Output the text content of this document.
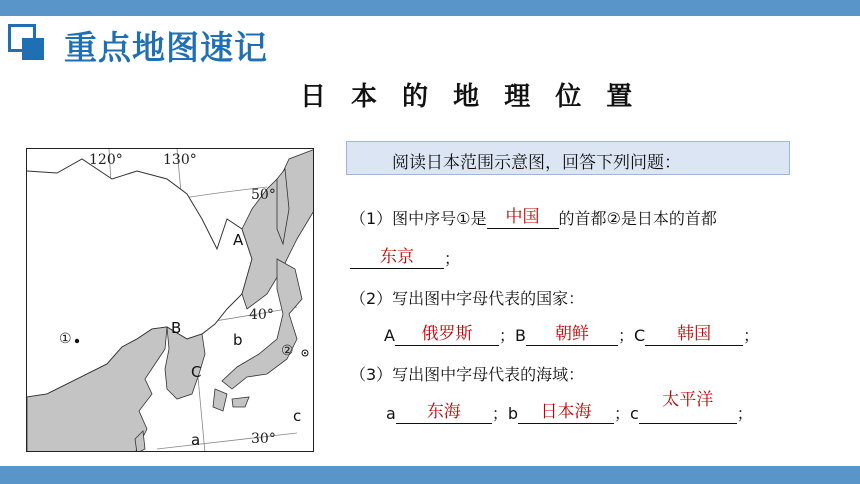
重点地图速记
日 本 的 地 理 位 置
120°	130°
50°
40°
30°
①
②
A
B
b
C
c
a
阅读日本范围示意图，回答下列问题：
（1）图中序号①是	中国	的首都②是日本的首都
东京	；
（2）写出图中字母代表的国家：
A	俄罗斯	；B	朝鲜	；C	韩国	；
（3）写出图中字母代表的海域：
a	东海	；b	日本海	；c
太平洋
；
